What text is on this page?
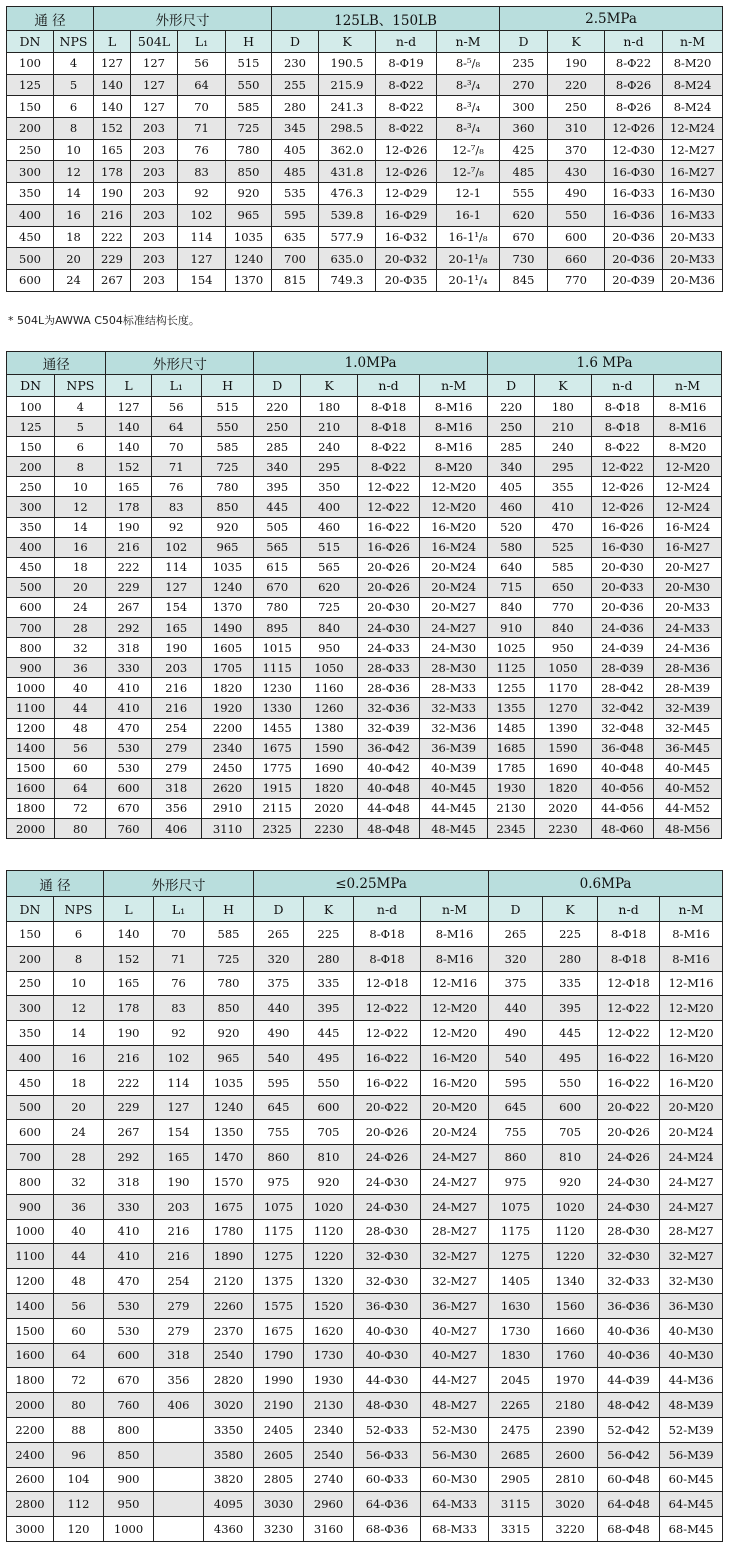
通 径		外形尺寸				125LB、150LB				2.5MPa			
DN	NPS	L	504L	L₁	H	D	K	n-d	n-M	D	K	n-d	n-M
100	4	127	127	56	515	230	190.5	8-Φ19	8-⁵/₈	235	190	8-Φ22	8-M20
125	5	140	127	64	550	255	215.9	8-Φ22	8-³/₄	270	220	8-Φ26	8-M24
150	6	140	127	70	585	280	241.3	8-Φ22	8-³/₄	300	250	8-Φ26	8-M24
200	8	152	203	71	725	345	298.5	8-Φ22	8-³/₄	360	310	12-Φ26	12-M24
250	10	165	203	76	780	405	362.0	12-Φ26	12-⁷/₈	425	370	12-Φ30	12-M27
300	12	178	203	83	850	485	431.8	12-Φ26	12-⁷/₈	485	430	16-Φ30	16-M27
350	14	190	203	92	920	535	476.3	12-Φ29	12-1	555	490	16-Φ33	16-M30
400	16	216	203	102	965	595	539.8	16-Φ29	16-1	620	550	16-Φ36	16-M33
450	18	222	203	114	1035	635	577.9	16-Φ32	16-1¹/₈	670	600	20-Φ36	20-M33
500	20	229	203	127	1240	700	635.0	20-Φ32	20-1¹/₈	730	660	20-Φ36	20-M33
600	24	267	203	154	1370	815	749.3	20-Φ35	20-1¹/₄	845	770	20-Φ39	20-M36
* 504L为AWWA C504标准结构长度。
通径		外形尺寸			1.0MPa				1.6 MPa			
DN	NPS	L	L₁	H	D	K	n-d	n-M	D	K	n-d	n-M
100	4	127	56	515	220	180	8-Φ18	8-M16	220	180	8-Φ18	8-M16
125	5	140	64	550	250	210	8-Φ18	8-M16	250	210	8-Φ18	8-M16
150	6	140	70	585	285	240	8-Φ22	8-M16	285	240	8-Φ22	8-M20
200	8	152	71	725	340	295	8-Φ22	8-M20	340	295	12-Φ22	12-M20
250	10	165	76	780	395	350	12-Φ22	12-M20	405	355	12-Φ26	12-M24
300	12	178	83	850	445	400	12-Φ22	12-M20	460	410	12-Φ26	12-M24
350	14	190	92	920	505	460	16-Φ22	16-M20	520	470	16-Φ26	16-M24
400	16	216	102	965	565	515	16-Φ26	16-M24	580	525	16-Φ30	16-M27
450	18	222	114	1035	615	565	20-Φ26	20-M24	640	585	20-Φ30	20-M27
500	20	229	127	1240	670	620	20-Φ26	20-M24	715	650	20-Φ33	20-M30
600	24	267	154	1370	780	725	20-Φ30	20-M27	840	770	20-Φ36	20-M33
700	28	292	165	1490	895	840	24-Φ30	24-M27	910	840	24-Φ36	24-M33
800	32	318	190	1605	1015	950	24-Φ33	24-M30	1025	950	24-Φ39	24-M36
900	36	330	203	1705	1115	1050	28-Φ33	28-M30	1125	1050	28-Φ39	28-M36
1000	40	410	216	1820	1230	1160	28-Φ36	28-M33	1255	1170	28-Φ42	28-M39
1100	44	410	216	1920	1330	1260	32-Φ36	32-M33	1355	1270	32-Φ42	32-M39
1200	48	470	254	2200	1455	1380	32-Φ39	32-M36	1485	1390	32-Φ48	32-M45
1400	56	530	279	2340	1675	1590	36-Φ42	36-M39	1685	1590	36-Φ48	36-M45
1500	60	530	279	2450	1775	1690	40-Φ42	40-M39	1785	1690	40-Φ48	40-M45
1600	64	600	318	2620	1915	1820	40-Φ48	40-M45	1930	1820	40-Φ56	40-M52
1800	72	670	356	2910	2115	2020	44-Φ48	44-M45	2130	2020	44-Φ56	44-M52
2000	80	760	406	3110	2325	2230	48-Φ48	48-M45	2345	2230	48-Φ60	48-M56
通 径		外形尺寸			≤0.25MPa				0.6MPa			
DN	NPS	L	L₁	H	D	K	n-d	n-M	D	K	n-d	n-M
150	6	140	70	585	265	225	8-Φ18	8-M16	265	225	8-Φ18	8-M16
200	8	152	71	725	320	280	8-Φ18	8-M16	320	280	8-Φ18	8-M16
250	10	165	76	780	375	335	12-Φ18	12-M16	375	335	12-Φ18	12-M16
300	12	178	83	850	440	395	12-Φ22	12-M20	440	395	12-Φ22	12-M20
350	14	190	92	920	490	445	12-Φ22	12-M20	490	445	12-Φ22	12-M20
400	16	216	102	965	540	495	16-Φ22	16-M20	540	495	16-Φ22	16-M20
450	18	222	114	1035	595	550	16-Φ22	16-M20	595	550	16-Φ22	16-M20
500	20	229	127	1240	645	600	20-Φ22	20-M20	645	600	20-Φ22	20-M20
600	24	267	154	1350	755	705	20-Φ26	20-M24	755	705	20-Φ26	20-M24
700	28	292	165	1470	860	810	24-Φ26	24-M27	860	810	24-Φ26	24-M24
800	32	318	190	1570	975	920	24-Φ30	24-M27	975	920	24-Φ30	24-M27
900	36	330	203	1675	1075	1020	24-Φ30	24-M27	1075	1020	24-Φ30	24-M27
1000	40	410	216	1780	1175	1120	28-Φ30	28-M27	1175	1120	28-Φ30	28-M27
1100	44	410	216	1890	1275	1220	32-Φ30	32-M27	1275	1220	32-Φ30	32-M27
1200	48	470	254	2120	1375	1320	32-Φ30	32-M27	1405	1340	32-Φ33	32-M30
1400	56	530	279	2260	1575	1520	36-Φ30	36-M27	1630	1560	36-Φ36	36-M30
1500	60	530	279	2370	1675	1620	40-Φ30	40-M27	1730	1660	40-Φ36	40-M30
1600	64	600	318	2540	1790	1730	40-Φ30	40-M27	1830	1760	40-Φ36	40-M30
1800	72	670	356	2820	1990	1930	44-Φ30	44-M27	2045	1970	44-Φ39	44-M36
2000	80	760	406	3020	2190	2130	48-Φ30	48-M27	2265	2180	48-Φ42	48-M39
2200	88	800		3350	2405	2340	52-Φ33	52-M30	2475	2390	52-Φ42	52-M39
2400	96	850		3580	2605	2540	56-Φ33	56-M30	2685	2600	56-Φ42	56-M39
2600	104	900		3820	2805	2740	60-Φ33	60-M30	2905	2810	60-Φ48	60-M45
2800	112	950		4095	3030	2960	64-Φ36	64-M33	3115	3020	64-Φ48	64-M45
3000	120	1000		4360	3230	3160	68-Φ36	68-M33	3315	3220	68-Φ48	68-M45
